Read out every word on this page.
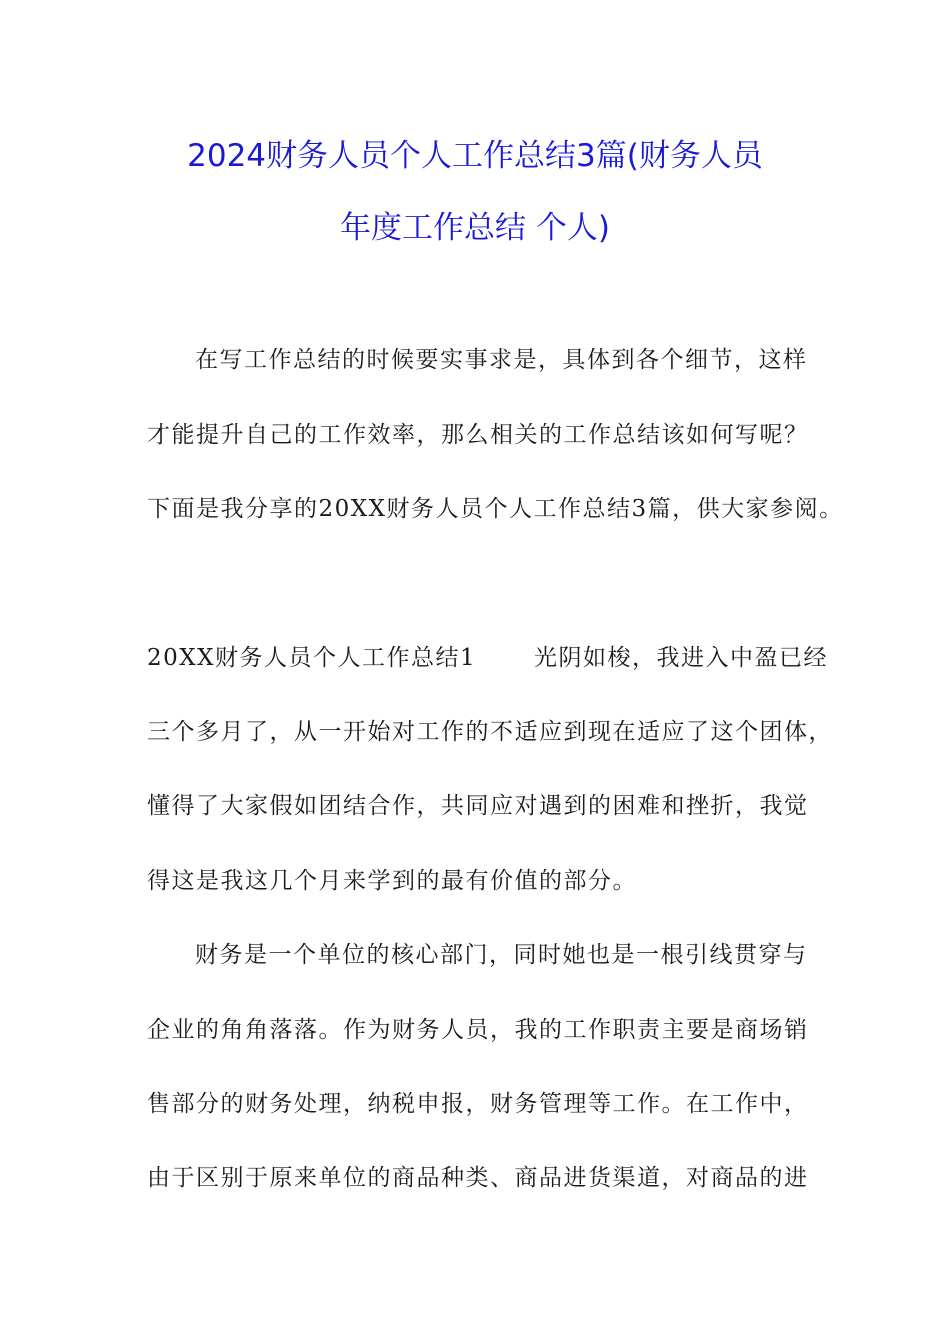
2024财务人员个人工作总结3篇(财务人员
年度工作总结 个人)
在写工作总结的时候要实事求是，具体到各个细节，这样
才能提升自己的工作效率，那么相关的工作总结该如何写呢？
下面是我分享的20XX财务人员个人工作总结3篇，供大家参阅。
20XX财务人员个人工作总结1　　 光阴如梭，我进入中盈已经
三个多月了，从一开始对工作的不适应到现在适应了这个团体，
懂得了大家假如团结合作，共同应对遇到的困难和挫折，我觉
得这是我这几个月来学到的最有价值的部分。
财务是一个单位的核心部门，同时她也是一根引线贯穿与
企业的角角落落。作为财务人员，我的工作职责主要是商场销
售部分的财务处理，纳税申报，财务管理等工作。在工作中，
由于区别于原来单位的商品种类、商品进货渠道，对商品的进
